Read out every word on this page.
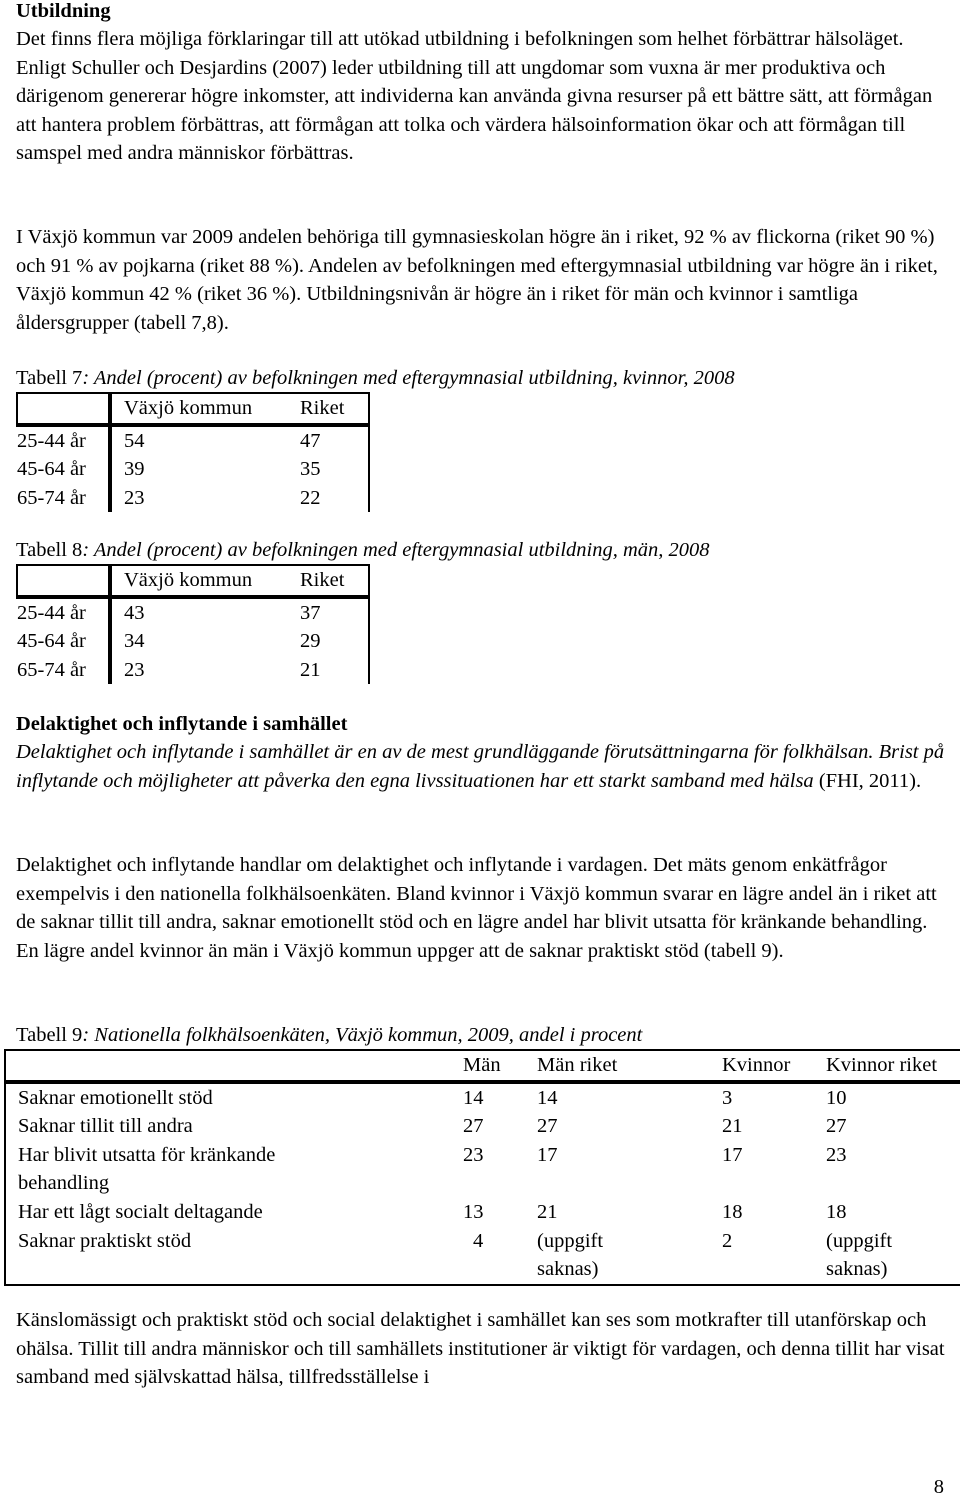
Utbildning

Det finns flera möjliga förklaringar till att utökad utbildning i befolkningen som helhet förbättrar hälsoläget. Enligt Schuller och Desjardins (2007) leder utbildning till att ungdomar som vuxna är mer produktiva och därigenom genererar högre inkomster, att individerna kan använda givna resurser på ett bättre sätt, att förmågan att hantera problem förbättras, att förmågan att tolka och värdera hälsoinformation ökar och att förmågan till samspel med andra människor förbättras.

I Växjö kommun var 2009 andelen behöriga till gymnasieskolan högre än i riket, 92 % av flickorna (riket 90 %) och 91 % av pojkarna (riket 88 %). Andelen av befolkningen med eftergymnasial utbildning var högre än i riket, Växjö kommun 42 % (riket 36 %). Utbildningsnivån är högre än i riket för män och kvinnor i samtliga åldersgrupper (tabell 7,8).

Tabell 7: Andel (procent) av befolkningen med eftergymnasial utbildning, kvinnor, 2008
	Växjö kommun	Riket
25-44 år	54	47
45-64 år	39	35
65-74 år	23	22
Tabell 8: Andel (procent) av befolkningen med eftergymnasial utbildning, män, 2008
	Växjö kommun	Riket
25-44 år	43	37
45-64 år	34	29
65-74 år	23	21
Delaktighet och inflytande i samhället

Delaktighet och inflytande i samhället är en av de mest grundläggande förutsättningarna för folkhälsan. Brist på inflytande och möjligheter att påverka den egna livssituationen har ett starkt samband med hälsa (FHI, 2011).

Delaktighet och inflytande handlar om delaktighet och inflytande i vardagen. Det mäts genom enkätfrågor exempelvis i den nationella folkhälsoenkäten. Bland kvinnor i Växjö kommun svarar en lägre andel än i riket att de saknar tillit till andra, saknar emotionellt stöd och en lägre andel har blivit utsatta för kränkande behandling. En lägre andel kvinnor än män i Växjö kommun uppger att de saknar praktiskt stöd (tabell 9).

Tabell 9: Nationella folkhälsoenkäten, Växjö kommun, 2009, andel i procent
	Män	Män riket	Kvinnor	Kvinnor riket
Saknar emotionellt stöd	14	14	3	10
Saknar tillit till andra	27	27	21	27
Har blivit utsatta för kränkande behandling	23	17	17	23
Har ett lågt socialt deltagande	13	21	18	18
Saknar praktiskt stöd	4	(uppgift saknas)	2	(uppgift saknas)

Känslomässigt och praktiskt stöd och social delaktighet i samhället kan ses som motkrafter till utanförskap och ohälsa. Tillit till andra människor och till samhällets institutioner är viktigt för vardagen, och denna tillit har visat samband med självskattad hälsa, tillfredsställelse i

8
